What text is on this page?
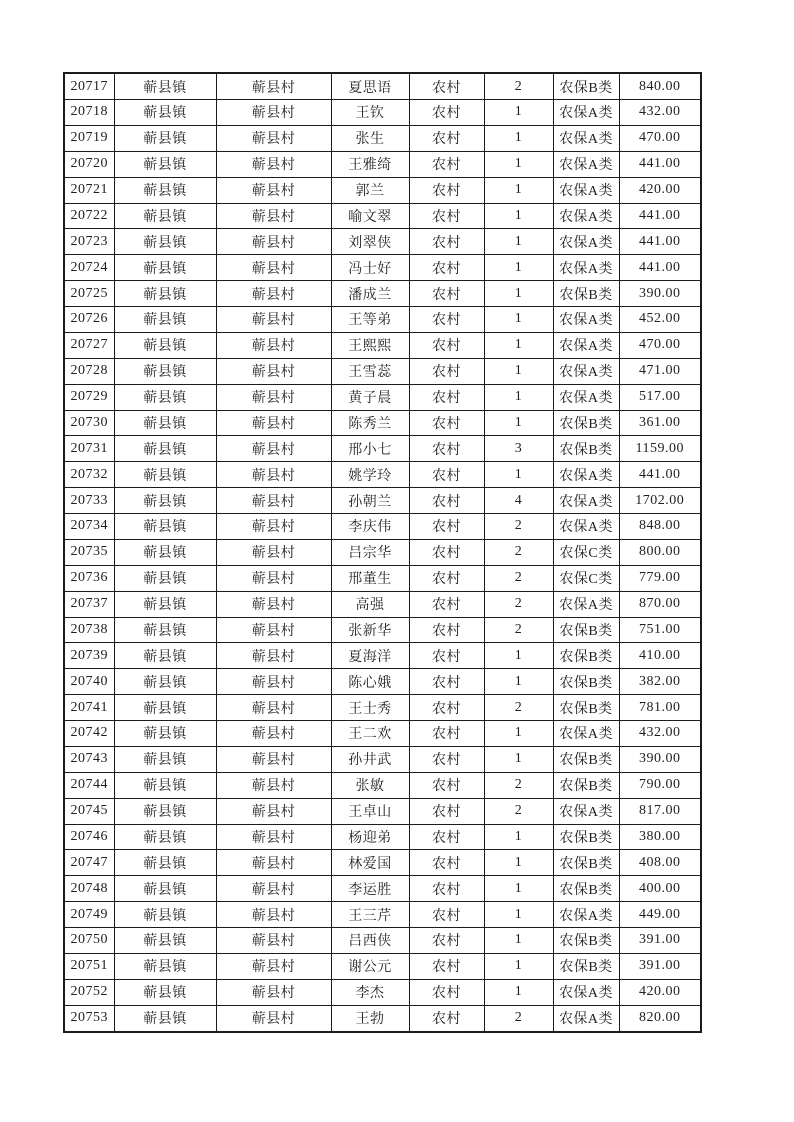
20717	蕲县镇	蕲县村	夏思语	农村	2	农保B类	840.00
20718	蕲县镇	蕲县村	王钦	农村	1	农保A类	432.00
20719	蕲县镇	蕲县村	张生	农村	1	农保A类	470.00
20720	蕲县镇	蕲县村	王雅绮	农村	1	农保A类	441.00
20721	蕲县镇	蕲县村	郭兰	农村	1	农保A类	420.00
20722	蕲县镇	蕲县村	喻文翠	农村	1	农保A类	441.00
20723	蕲县镇	蕲县村	刘翠侠	农村	1	农保A类	441.00
20724	蕲县镇	蕲县村	冯士好	农村	1	农保A类	441.00
20725	蕲县镇	蕲县村	潘成兰	农村	1	农保B类	390.00
20726	蕲县镇	蕲县村	王等弟	农村	1	农保A类	452.00
20727	蕲县镇	蕲县村	王熙熙	农村	1	农保A类	470.00
20728	蕲县镇	蕲县村	王雪蕊	农村	1	农保A类	471.00
20729	蕲县镇	蕲县村	黄子晨	农村	1	农保A类	517.00
20730	蕲县镇	蕲县村	陈秀兰	农村	1	农保B类	361.00
20731	蕲县镇	蕲县村	邢小七	农村	3	农保B类	1159.00
20732	蕲县镇	蕲县村	姚学玲	农村	1	农保A类	441.00
20733	蕲县镇	蕲县村	孙朝兰	农村	4	农保A类	1702.00
20734	蕲县镇	蕲县村	李庆伟	农村	2	农保A类	848.00
20735	蕲县镇	蕲县村	吕宗华	农村	2	农保C类	800.00
20736	蕲县镇	蕲县村	邢董生	农村	2	农保C类	779.00
20737	蕲县镇	蕲县村	高强	农村	2	农保A类	870.00
20738	蕲县镇	蕲县村	张新华	农村	2	农保B类	751.00
20739	蕲县镇	蕲县村	夏海洋	农村	1	农保B类	410.00
20740	蕲县镇	蕲县村	陈心娥	农村	1	农保B类	382.00
20741	蕲县镇	蕲县村	王士秀	农村	2	农保B类	781.00
20742	蕲县镇	蕲县村	王二欢	农村	1	农保A类	432.00
20743	蕲县镇	蕲县村	孙井武	农村	1	农保B类	390.00
20744	蕲县镇	蕲县村	张敏	农村	2	农保B类	790.00
20745	蕲县镇	蕲县村	王卓山	农村	2	农保A类	817.00
20746	蕲县镇	蕲县村	杨迎弟	农村	1	农保B类	380.00
20747	蕲县镇	蕲县村	林爱国	农村	1	农保B类	408.00
20748	蕲县镇	蕲县村	李运胜	农村	1	农保B类	400.00
20749	蕲县镇	蕲县村	王三芹	农村	1	农保A类	449.00
20750	蕲县镇	蕲县村	吕西侠	农村	1	农保B类	391.00
20751	蕲县镇	蕲县村	谢公元	农村	1	农保B类	391.00
20752	蕲县镇	蕲县村	李杰	农村	1	农保A类	420.00
20753	蕲县镇	蕲县村	王勃	农村	2	农保A类	820.00
